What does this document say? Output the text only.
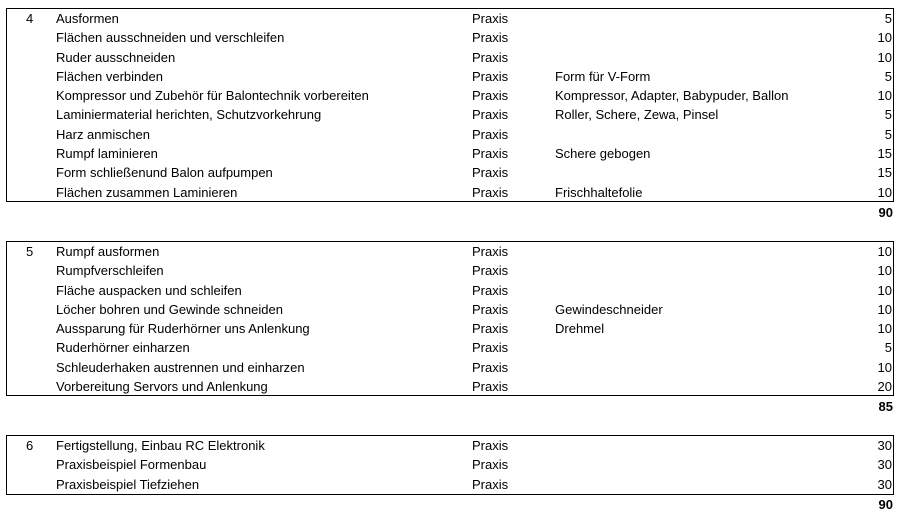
4	Ausformen	Praxis	5
Flächen ausschneiden und verschleifen	Praxis	10
Ruder ausschneiden	Praxis	10
Flächen verbinden	Praxis	Form für V-Form	5
Kompressor und Zubehör für Balontechnik vorbereiten	Praxis	Kompressor, Adapter, Babypuder, Ballon	10
Laminiermaterial herichten, Schutzvorkehrung	Praxis	Roller, Schere, Zewa, Pinsel	5
Harz anmischen	Praxis	5
Rumpf laminieren	Praxis	Schere gebogen	15
Form schließenund Balon aufpumpen	Praxis	15
Flächen zusammen Laminieren	Praxis	Frischhaltefolie	10
90
5	Rumpf ausformen	Praxis	10
Rumpfverschleifen	Praxis	10
Fläche auspacken und schleifen	Praxis	10
Löcher bohren und Gewinde schneiden	Praxis	Gewindeschneider	10
Aussparung für Ruderhörner uns Anlenkung	Praxis	Drehmel	10
Ruderhörner einharzen	Praxis	5
Schleuderhaken austrennen und einharzen	Praxis	10
Vorbereitung Servors und Anlenkung	Praxis	20
85
6	Fertigstellung, Einbau RC Elektronik	Praxis	30
Praxisbeispiel Formenbau	Praxis	30
Praxisbeispiel Tiefziehen	Praxis	30
90
